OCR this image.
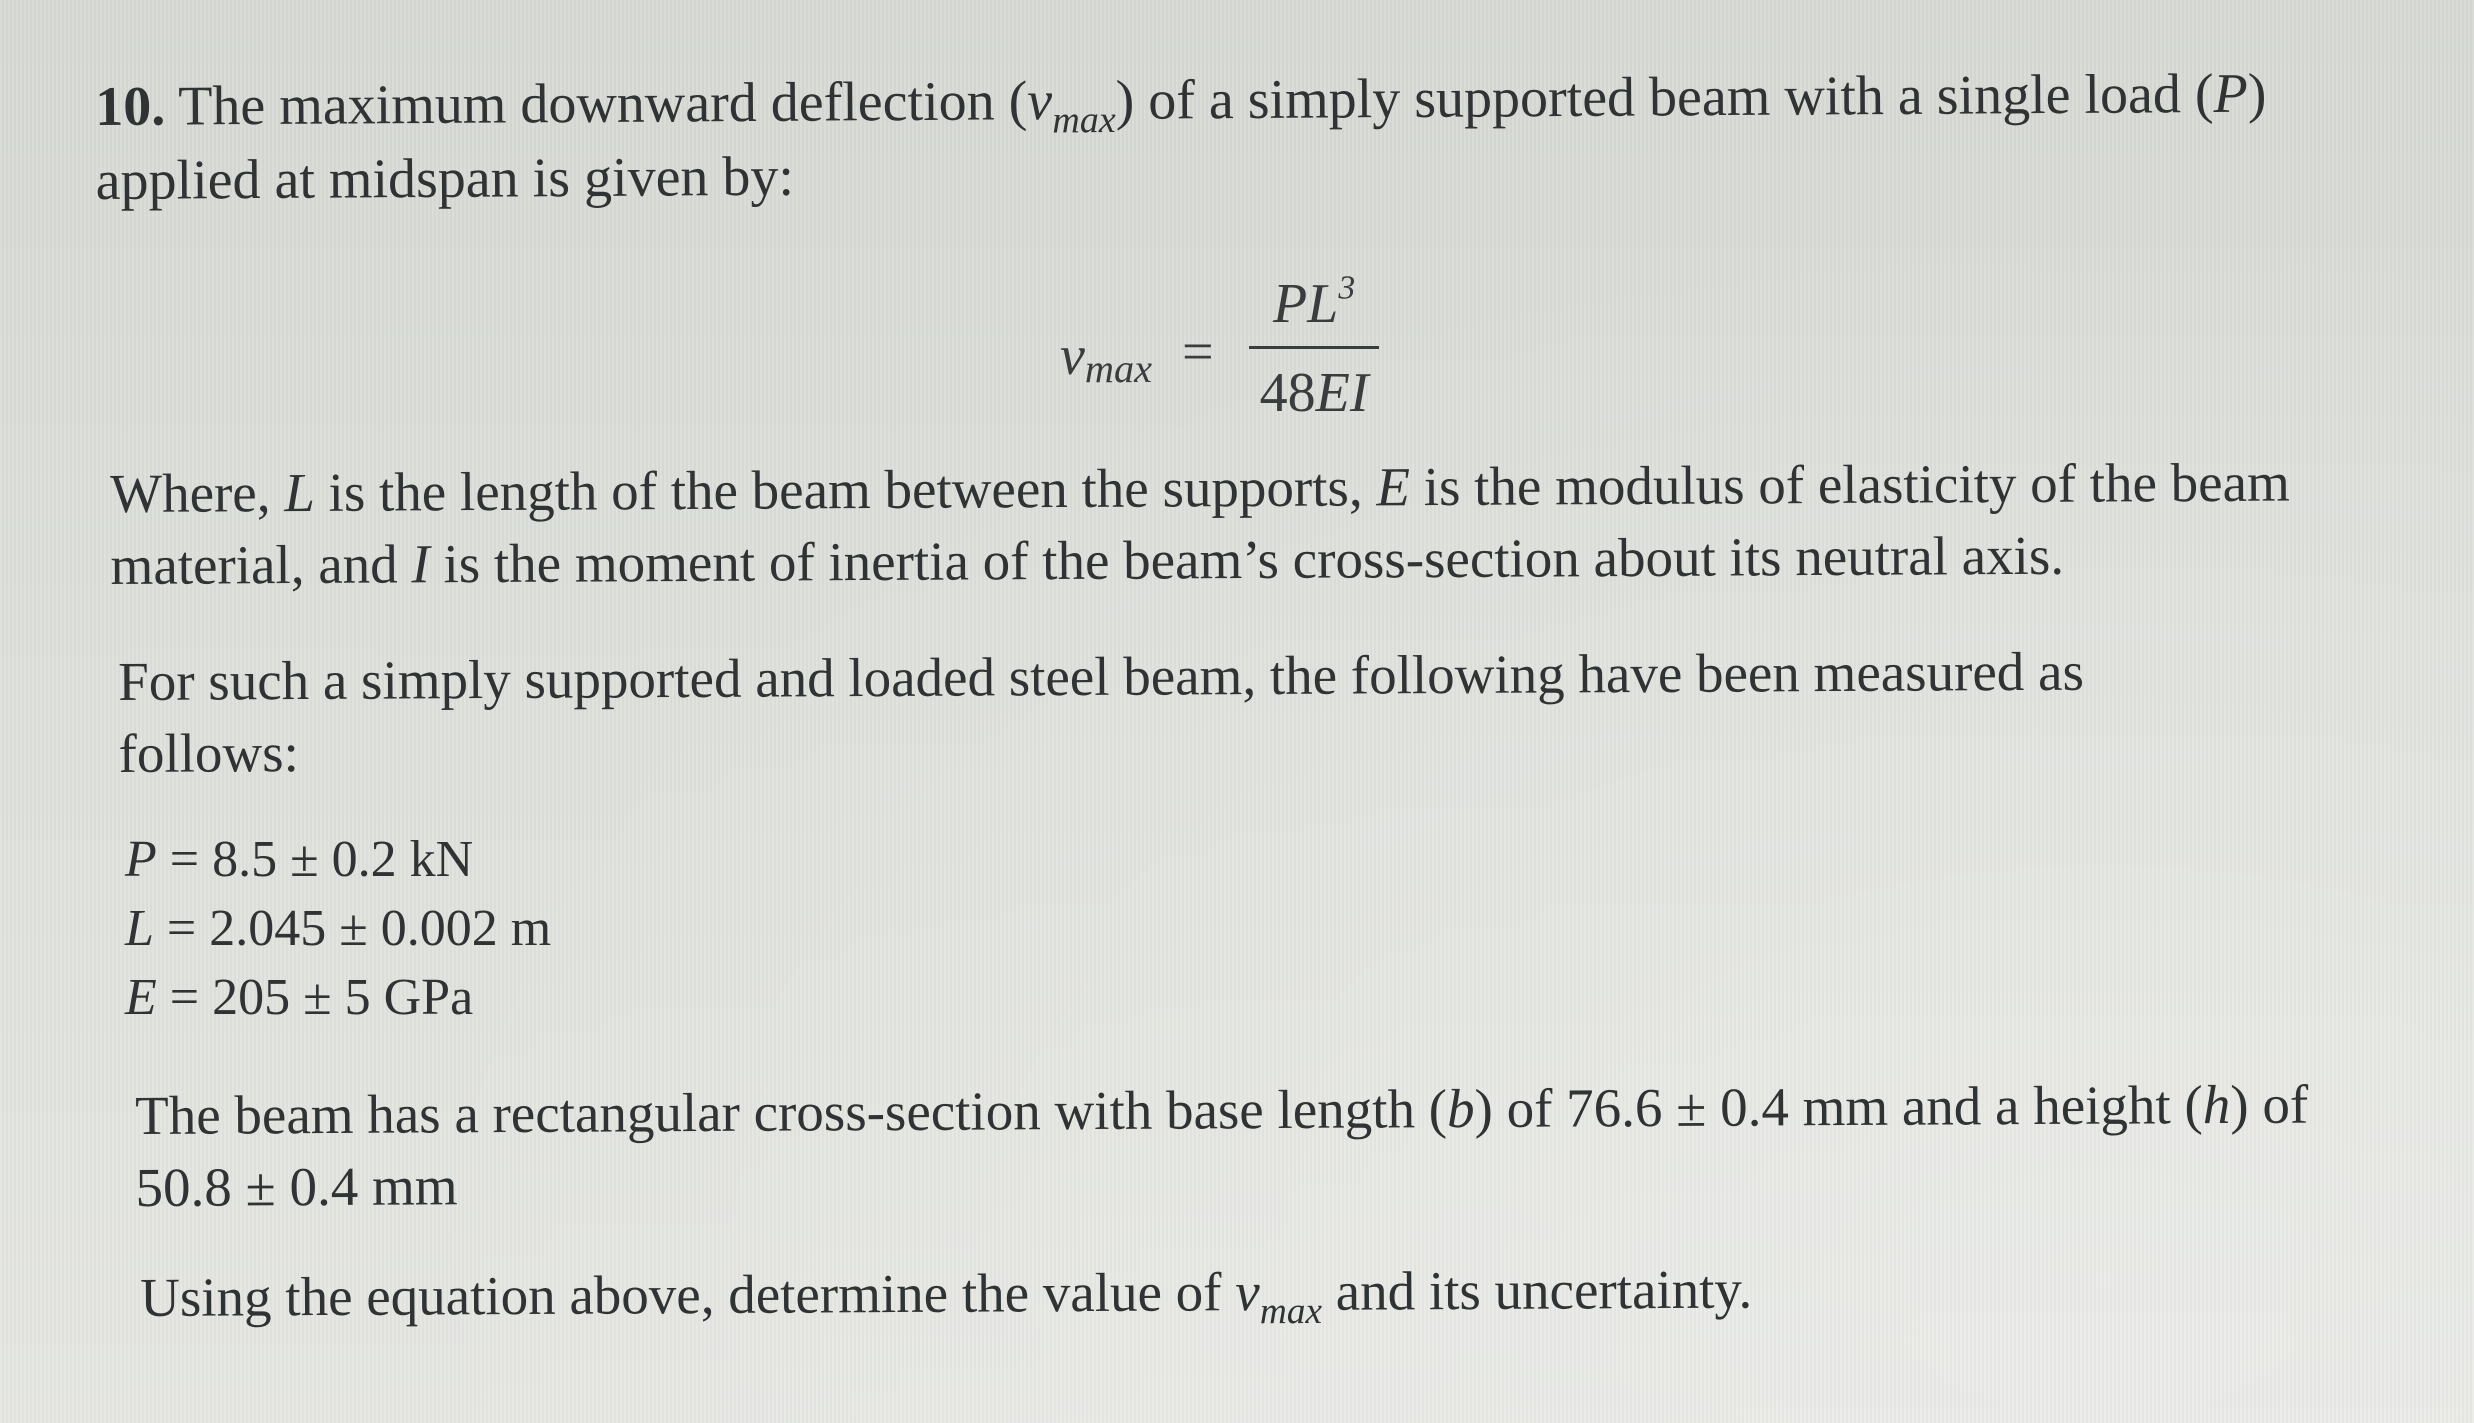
10. The maximum downward deflection $(v_{max})$ of a simply supported beam with a single load (P) applied at midspan is given by:
$v_{max} = \frac{PL^3}{48EI}$
Where, L is the length of the beam between the supports, E is the modulus of elasticity of the beam material, and I is the moment of inertia of the beam’s cross-section about its neutral axis.
For such a simply supported and loaded steel beam, the following have been measured as follows:
P = 8.5 ± 0.2 kN
L = 2.045 ± 0.002 m
E = 205 ± 5 GPa
The beam has a rectangular cross-section with base length (b) of 76.6 ± 0.4 mm and a height (h) of 50.8 ± 0.4 mm
Using the equation above, determine the value of $v_{max}$ and its uncertainty.
